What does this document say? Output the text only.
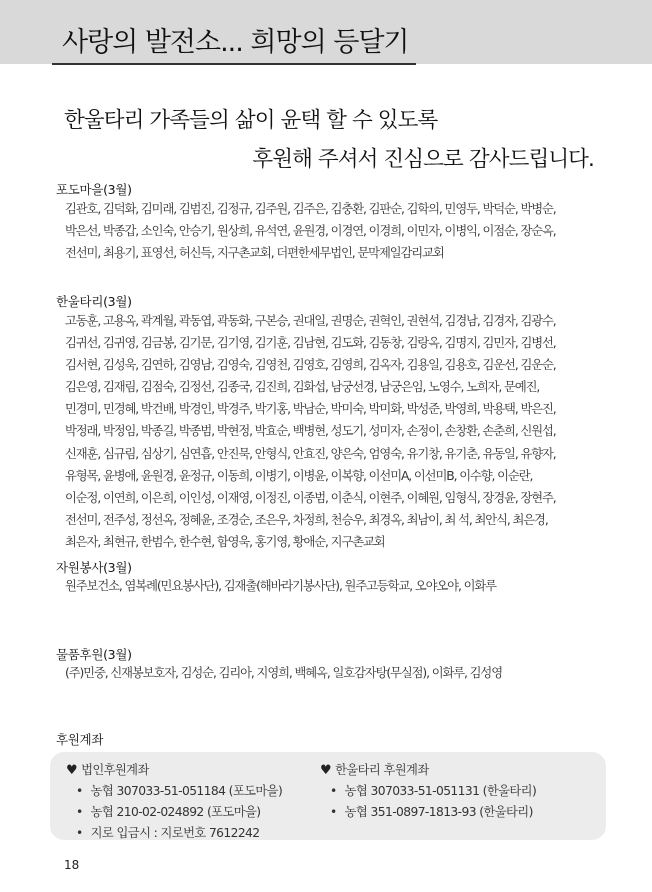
사랑의 발전소... 희망의 등달기
한울타리 가족들의 삶이 윤택 할 수 있도록
후원해 주셔서 진심으로 감사드립니다.
포도마을(3월)
김관호, 김덕화, 김미래, 김범진, 김정규, 김주원, 김주은, 김충환, 김판순, 김학의, 민영두, 박덕순, 박병순,
박은선, 박종갑, 소인숙, 안승기, 원상희, 유석연, 윤원경, 이경연, 이경희, 이민자, 이병익, 이점순, 장순옥,
전선미, 최용기, 표영선, 허신득, 지구촌교회, 더편한세무법인, 문막제일감리교회
한울타리(3월)
고동훈, 고용옥, 곽계월, 곽동엽, 곽동화, 구본승, 권대일, 권명순, 권혁인, 권현석, 김경남, 김경자, 김광수,
김귀선, 김귀영, 김금봉, 김기문, 김기영, 김기훈, 김남현, 김도화, 김동창, 김랑옥, 김명지, 김민자, 김병선,
김서현, 김성욱, 김연하, 김영남, 김영숙, 김영천, 김영호, 김영희, 김옥자, 김용일, 김용호, 김운선, 김운순,
김은영, 김재림, 김점숙, 김정선, 김종국, 김진희, 김화섭, 남궁선경, 남궁은임, 노영수, 노희자, 문예진,
민경미, 민경혜, 박건배, 박경인, 박경주, 박기홍, 박남순, 박미숙, 박미화, 박성준, 박영희, 박용택, 박은진,
박정래, 박정임, 박종길, 박종범, 박현정, 박효순, 백병현, 성도기, 성미자, 손정이, 손창환, 손춘희, 신원섭,
신재훈, 심규림, 심상기, 심연흡, 안진묵, 안형식, 안효진, 양은숙, 엄영숙, 유기창, 유기춘, 유동일, 유향자,
유형목, 윤병애, 윤원경, 윤정규, 이동희, 이병기, 이병윤, 이복향, 이선미A, 이선미B, 이수향, 이순란,
이순정, 이연희, 이은희, 이인성, 이재영, 이정진, 이종범, 이춘식, 이현주, 이혜원, 임형식, 장경윤, 장현주,
전선미, 전주성, 정선옥, 정혜윤, 조경순, 조은우, 차정희, 천승우, 최경옥, 최남이, 최 석, 최안식, 최은경,
최은자, 최현규, 한범수, 한수현, 함영욱, 홍기영, 황애순, 지구촌교회
자원봉사(3월)
원주보건소, 염복례(민요봉사단), 김재출(해바라기봉사단), 원주고등학교, 오야오야, 이화루
물품후원(3월)
(주)민중, 신재봉보호자, 김성순, 김리아, 지영희, 백혜옥, 일호감자탕(무실점), 이화루, 김성영
후원계좌
♥ 법인후원계좌
• 농협 307033-51-051184 (포도마을)
• 농협 210-02-024892 (포도마을)
• 지로 입금시 : 지로번호 7612242
♥ 한울타리 후원계좌
• 농협 307033-51-051131 (한울타리)
• 농협 351-0897-1813-93 (한울타리)
18
